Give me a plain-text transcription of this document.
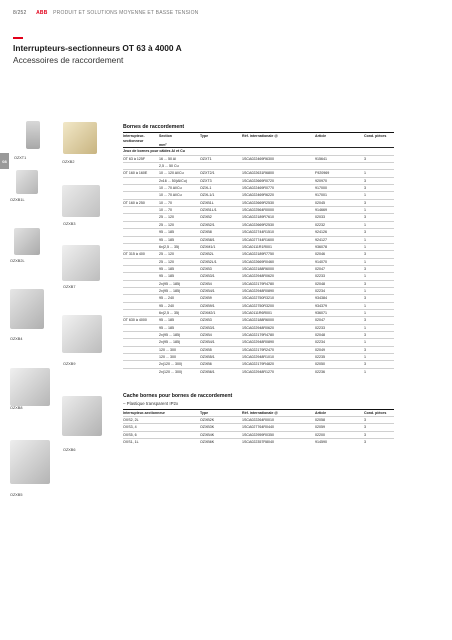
8/252 ABB PRODUIT ET SOLUTIONS MOYENNE ET BASSE TENSION
Interrupteurs-sectionneurs OT 63 à 4000 A
Accessoires de raccordement
08
OZXT1
OZXB2
OZXB1L
OZXB3
OZXB2L
OZXB7
OZXB4
OZXB9
OZXB8
OZXB6
OZXB5
Bornes de raccordement
Interrupteur-sectionneur	Section

mm²	Type	Réf. internationale @	Article	Cond. pièces
Jeux de bornes pour câbles Al et Cu					
OT 63 à 125F	16 ... 50 Al	OZXT1	1SCA022469R6300	915641	3
	2,5 ... 50 Cu				
OT 160 à 160E	10 ... 120 Al/Cu	OZXT2/1	1SCA022631R6800	F920969	1
	2x16 ... 50(Al/Cu)	OZXT3	1SCA022669R0720	920970	3
	10 ... 70 Al/Cu	OZXL1	1SCA022469R0770	917000	3
	10 ... 70 Al/Cu	OZXL1/1	1SCA022469R6220	917001	1
OT 160 à 250	10 ... 70	OZXB1L	1SCA022669R2530	02045	3
	10 ... 70	OZXB1L/1	1SCA022564R0000	914669	1
	25 ... 120	OZXB2	1SCA022189R7610	02033	3
	25 ... 120	OZXB2/1	1SCA022669R2530	02232	1
	95 ... 185	OZXB8	1SCA022744R1510	924126	3
	95 ... 185	OZXB8/1	1SCA027744R1600	924127	1
	6x(2,5 ... 35)	OZXM1/1	1SCA0111R1R001	936078	1
OT 315 à 400	25 ... 120	OZXB2L	1SCA022189R7750	02046	3
	25 ... 120	OZXB2L/1	1SCA022669R0460	914070	1
	95 ... 185	OZXB3	1SCA022188R6000	02047	3
	95 ... 185	OZXB3/1	1SCA022948R0620	02233	1
	2x(95 ... 185)	OZXB4	1SCA022179R4780	02048	3
	2x(95 ... 185)	OZXB4/1	1SCA022948R0890	02234	1
	95 ... 240	OZXB9	1SCA022750R3210	934384	3
	95 ... 240	OZXB9/1	1SCA022750R3200	934379	1
	6x(2,5 ... 35)	OZXM2/1	1SCA0111R6R001	936071	1
OT 630 à 4000	95 ... 185	OZXB3	1SCA022188R6000	02047	3
	95 ... 185	OZXB3/1	1SCA022948R0620	02233	1
	2x(95 ... 185)	OZXB4	1SCA022179R4780	02048	3
	2x(95 ... 185)	OZXB4/1	1SCA022948R0890	02234	1
	120 ... 300	OZXB5	1SCA022179R2470	02049	3
	120 ... 300	OZXB5/1	1SCA022948R1010	02235	1
	2x(120 ... 300)	OZXB6	1SCA022179R4820	02050	3
	2x(120 ... 300)	OZXB6/1	1SCA022948R1270	02236	1
Cache bornes pour bornes de raccordement
– Plastique transparent IP2x
Interrupteur-sectionneur	Type	Réf. internationale @	Article	Cond. pièces
OXS2, 2L	OZXB2K	1SCA022264R0010	02058	3
OXS3, 4	OZXB3K	1SCA027764R0440	02059	3
OXS5, 6	OZXB4K	1SCA022959R0350	02200	3
OXS1, 1L	OZXB6K	1SCA022357R8040	914590	3
